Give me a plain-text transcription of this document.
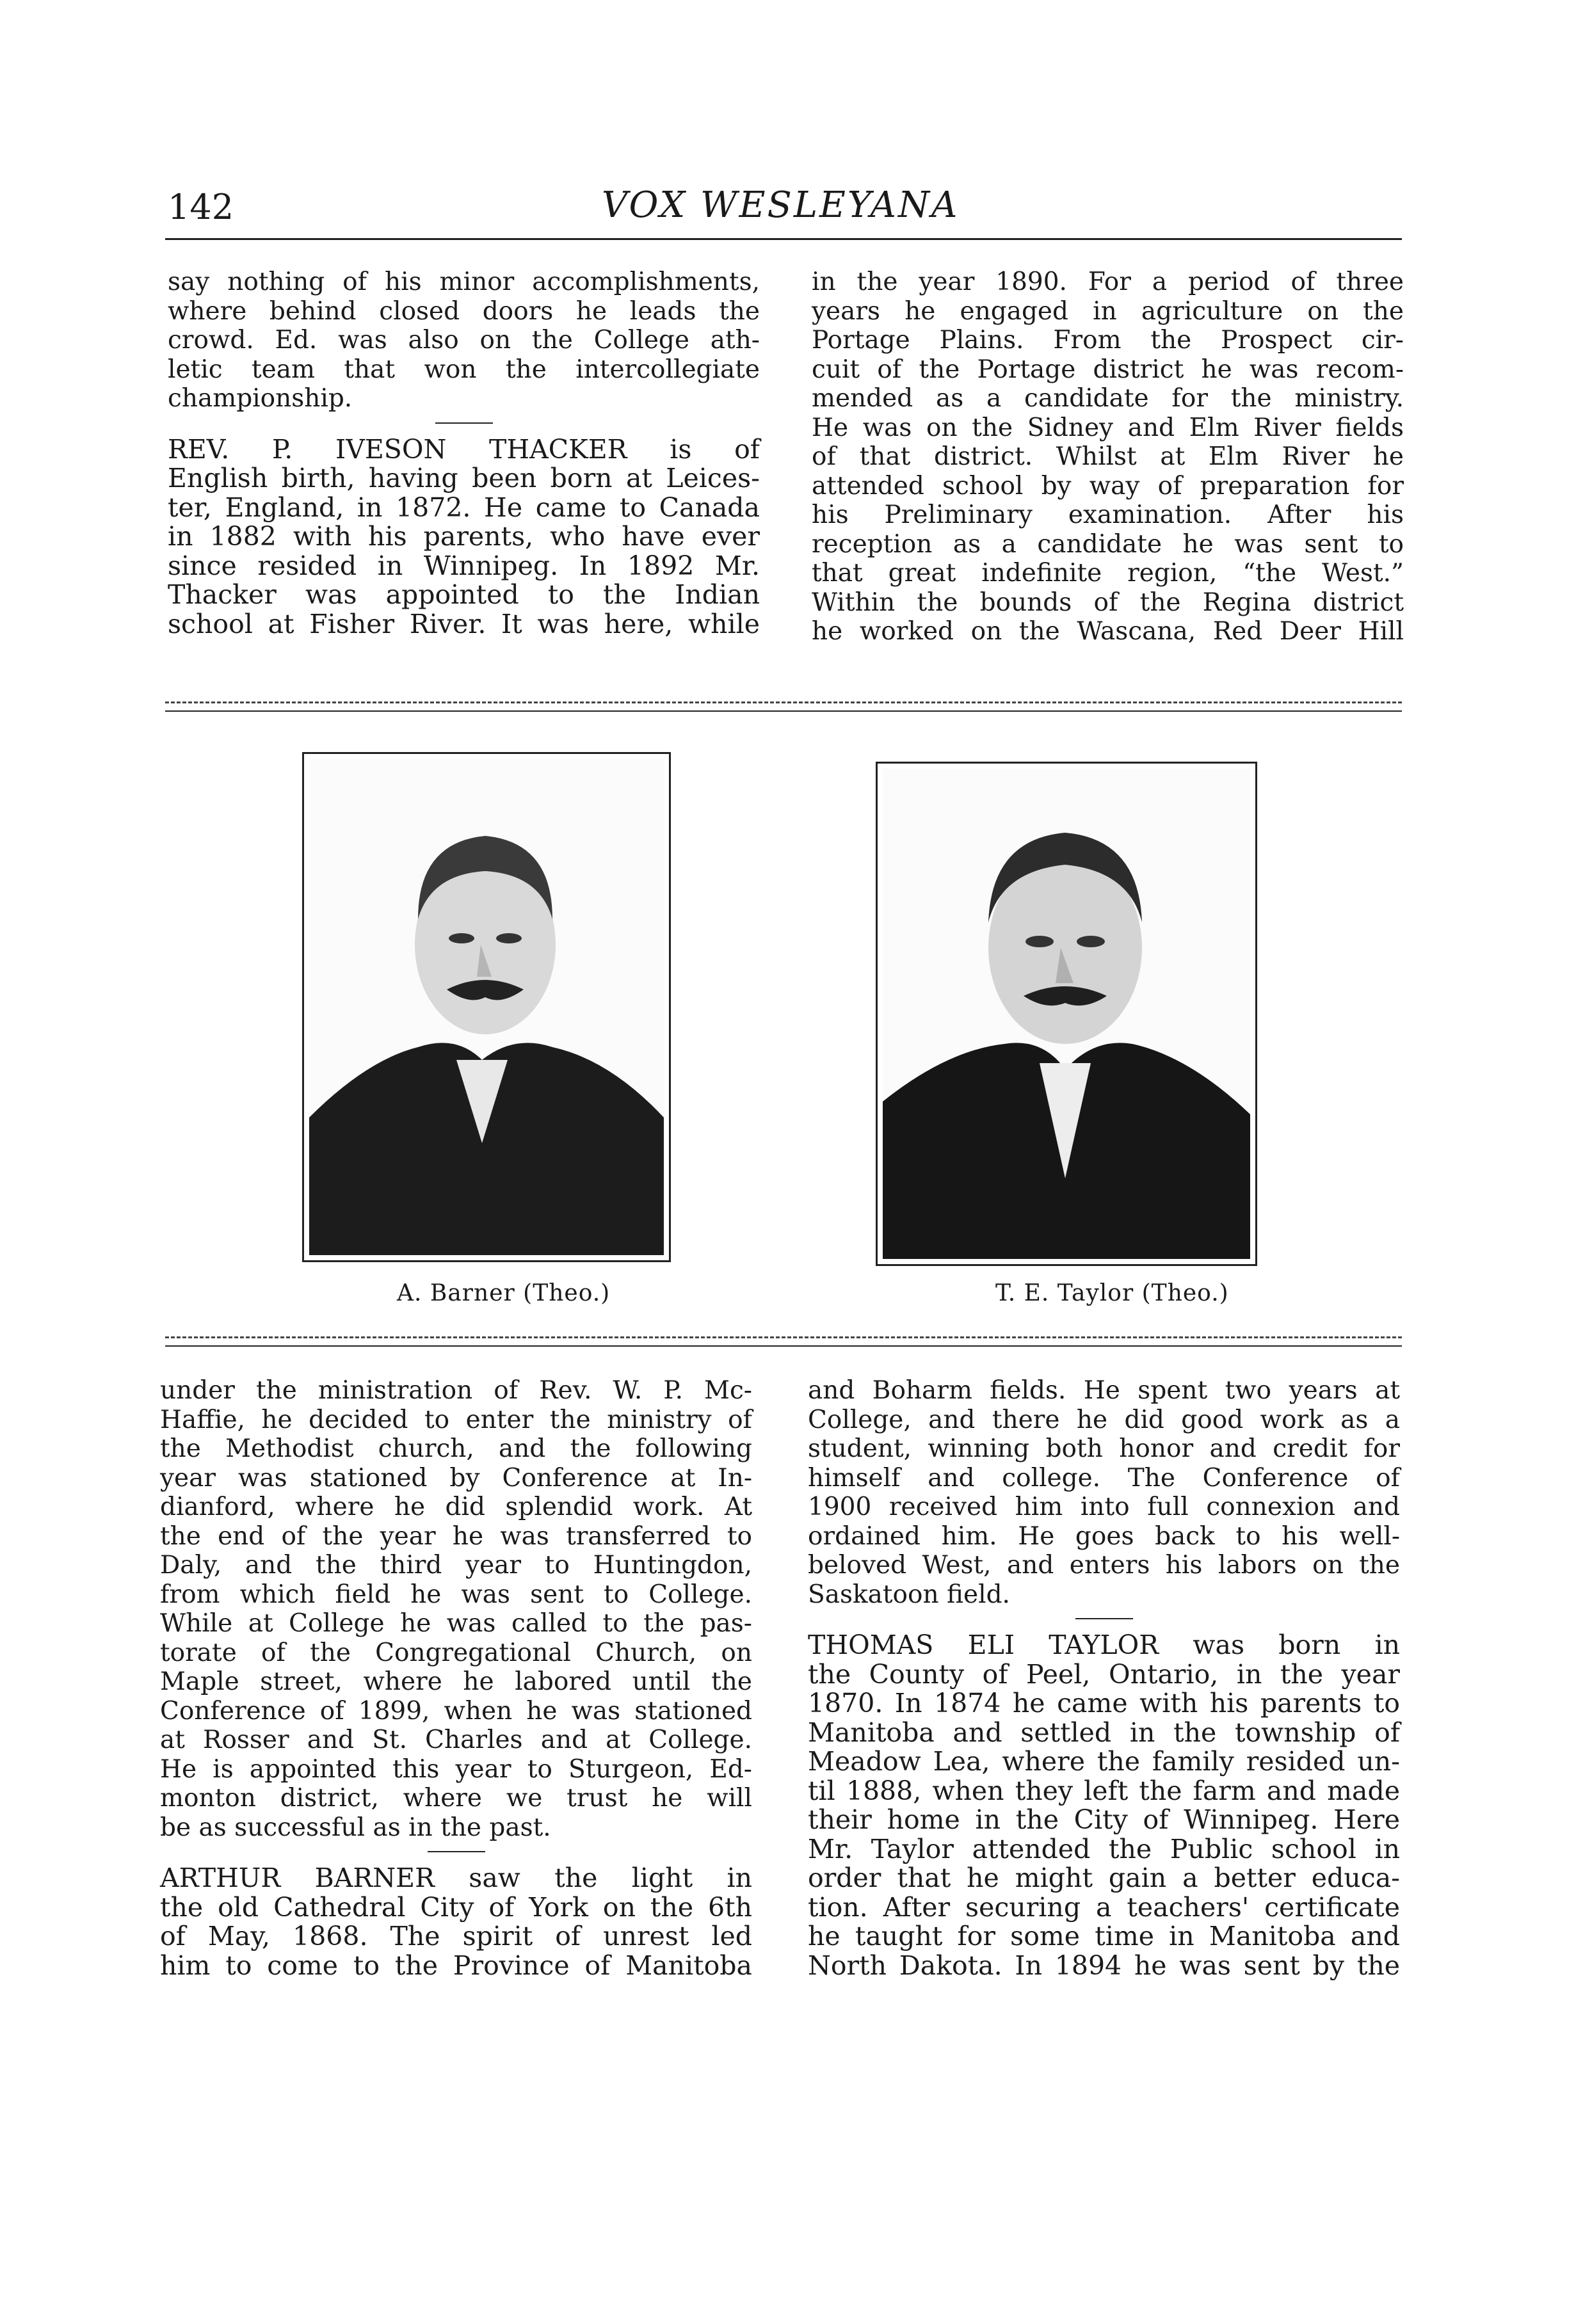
142	VOX WESLEYANA
say nothing of his minor accomplishments,
where behind closed doors he leads the
crowd. Ed. was also on the College ath-
letic team that won the intercollegiate
championship.
REV. P. IVESON THACKER is of
English birth, having been born at Leices-
ter, England, in 1872. He came to Canada
in 1882 with his parents, who have ever
since resided in Winnipeg. In 1892 Mr.
Thacker was appointed to the Indian
school at Fisher River. It was here, while
in the year 1890. For a period of three
years he engaged in agriculture on the
Portage Plains. From the Prospect cir-
cuit of the Portage district he was recom-
mended as a candidate for the ministry.
He was on the Sidney and Elm River fields
of that district. Whilst at Elm River he
attended school by way of preparation for
his Preliminary examination. After his
reception as a candidate he was sent to
that great indefinite region, “the West.”
Within the bounds of the Regina district
he worked on the Wascana, Red Deer Hill
A. Barner (Theo.)	T. E. Taylor (Theo.)
under the ministration of Rev. W. P. Mc-
Haffie, he decided to enter the ministry of
the Methodist church, and the following
year was stationed by Conference at In-
dianford, where he did splendid work. At
the end of the year he was transferred to
Daly, and the third year to Huntingdon,
from which field he was sent to College.
While at College he was called to the pas-
torate of the Congregational Church, on
Maple street, where he labored until the
Conference of 1899, when he was stationed
at Rosser and St. Charles and at College.
He is appointed this year to Sturgeon, Ed-
monton district, where we trust he will
be as successful as in the past.
ARTHUR BARNER saw the light in
the old Cathedral City of York on the 6th
of May, 1868. The spirit of unrest led
him to come to the Province of Manitoba
and Boharm fields. He spent two years at
College, and there he did good work as a
student, winning both honor and credit for
himself and college. The Conference of
1900 received him into full connexion and
ordained him. He goes back to his well-
beloved West, and enters his labors on the
Saskatoon field.
THOMAS ELI TAYLOR was born in
the County of Peel, Ontario, in the year
1870. In 1874 he came with his parents to
Manitoba and settled in the township of
Meadow Lea, where the family resided un-
til 1888, when they left the farm and made
their home in the City of Winnipeg. Here
Mr. Taylor attended the Public school in
order that he might gain a better educa-
tion. After securing a teachers' certificate
he taught for some time in Manitoba and
North Dakota. In 1894 he was sent by the
